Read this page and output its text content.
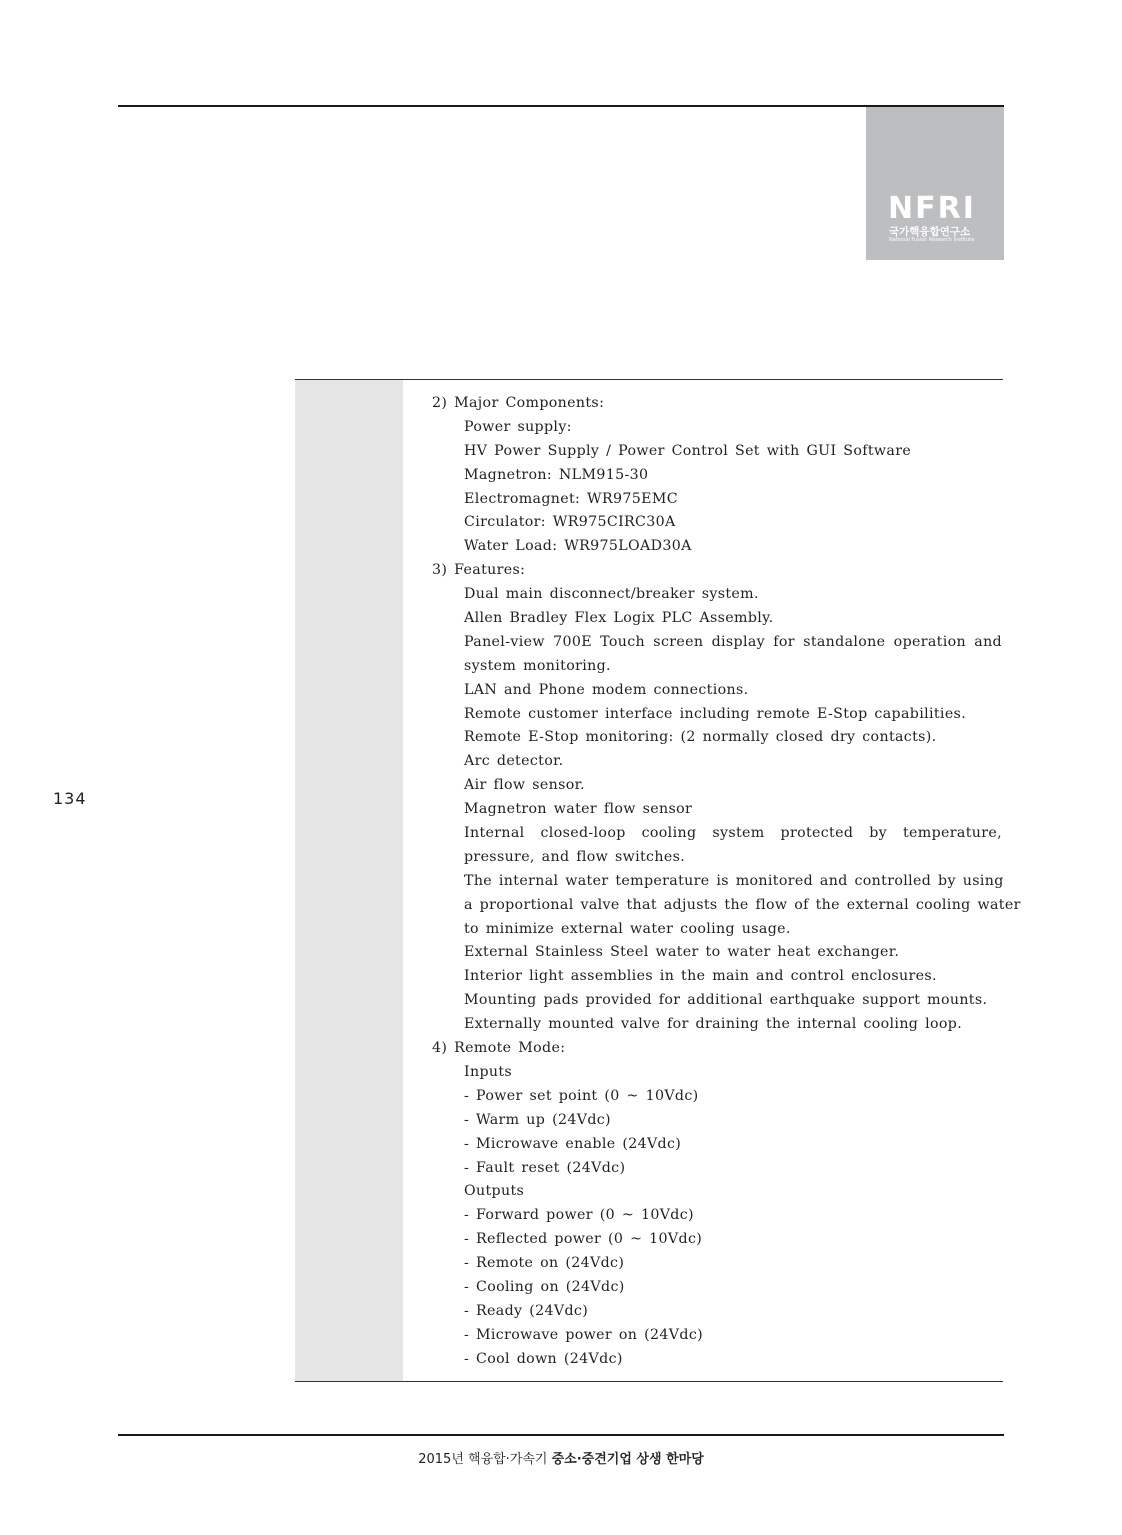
NFRI
국가핵융합연구소
National Fusion Research Institute
2) Major Components:
Power supply:
HV Power Supply / Power Control Set with GUI Software
Magnetron: NLM915-30
Electromagnet: WR975EMC
Circulator: WR975CIRC30A
Water Load: WR975LOAD30A
3) Features:
Dual main disconnect/breaker system.
Allen Bradley Flex Logix PLC Assembly.
Panel-view 700E Touch screen display for standalone operation and
system monitoring.
LAN and Phone modem connections.
Remote customer interface including remote E-Stop capabilities.
Remote E-Stop monitoring: (2 normally closed dry contacts).
Arc detector.
Air flow sensor.
Magnetron water flow sensor
Internal closed-loop cooling system protected by temperature,
pressure, and flow switches.
The internal water temperature is monitored and controlled by using
a proportional valve that adjusts the flow of the external cooling water
to minimize external water cooling usage.
External Stainless Steel water to water heat exchanger.
Interior light assemblies in the main and control enclosures.
Mounting pads provided for additional earthquake support mounts.
Externally mounted valve for draining the internal cooling loop.
4) Remote Mode:
Inputs
- Power set point (0 ~ 10Vdc)
- Warm up (24Vdc)
- Microwave enable (24Vdc)
- Fault reset (24Vdc)
Outputs
- Forward power (0 ~ 10Vdc)
- Reflected power (0 ~ 10Vdc)
- Remote on (24Vdc)
- Cooling on (24Vdc)
- Ready (24Vdc)
- Microwave power on (24Vdc)
- Cool down (24Vdc)
134
2015년 핵융합·가속기 중소·중견기업 상생 한마당
